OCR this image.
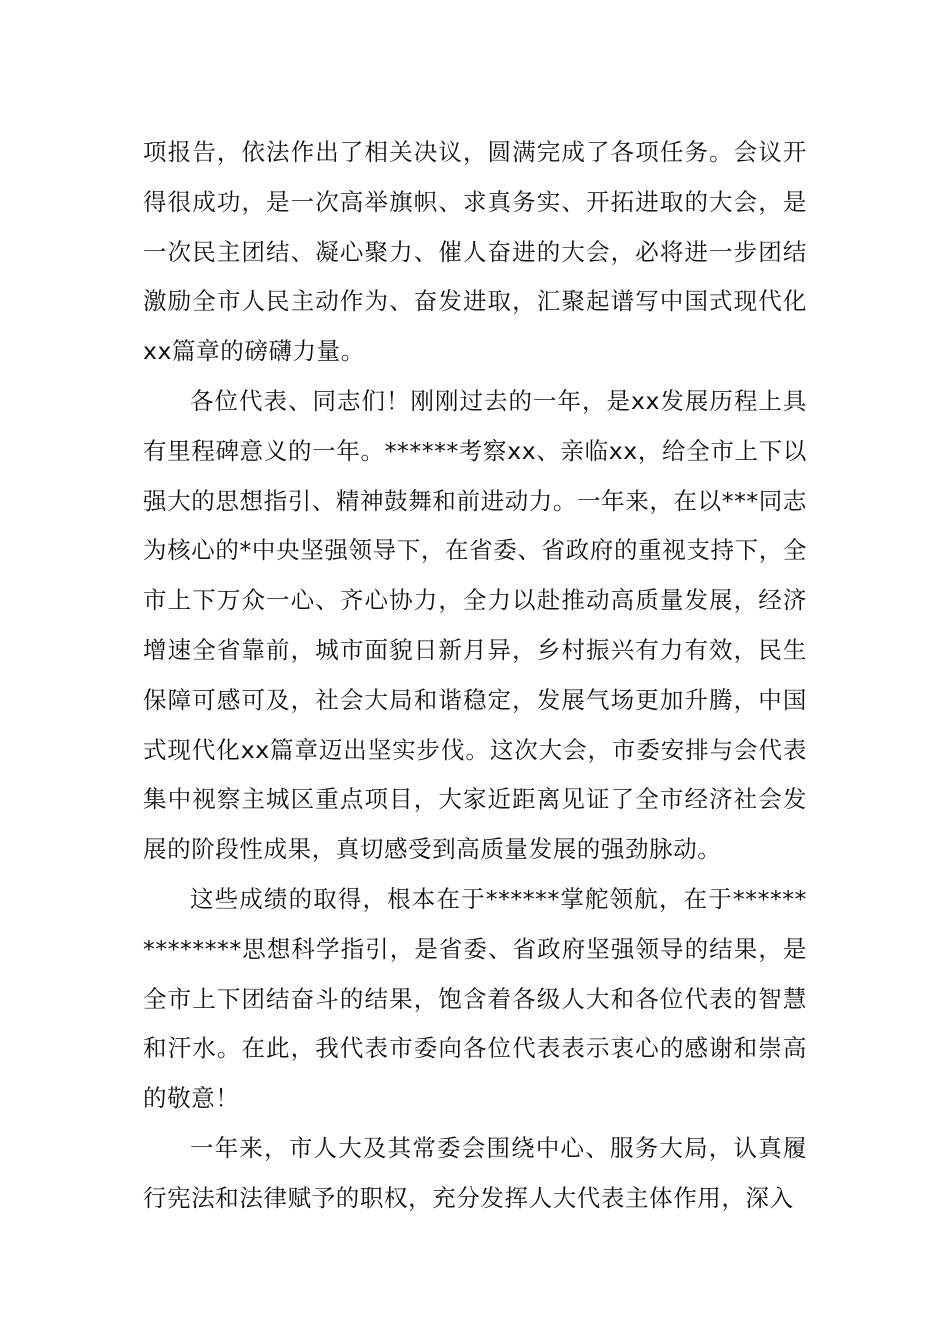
项报告，依法作出了相关决议，圆满完成了各项任务。会议开得很成功，是一次高举旗帜、求真务实、开拓进取的大会，是一次民主团结、凝心聚力、催人奋进的大会，必将进一步团结激励全市人民主动作为、奋发进取，汇聚起谱写中国式现代化xx篇章的磅礴力量。

各位代表、同志们！刚刚过去的一年，是xx发展历程上具有里程碑意义的一年。******考察xx、亲临xx，给全市上下以强大的思想指引、精神鼓舞和前进动力。一年来，在以***同志为核心的*中央坚强领导下，在省委、省政府的重视支持下，全市上下万众一心、齐心协力，全力以赴推动高质量发展，经济增速全省靠前，城市面貌日新月异，乡村振兴有力有效，民生保障可感可及，社会大局和谐稳定，发展气场更加升腾，中国式现代化xx篇章迈出坚实步伐。这次大会，市委安排与会代表集中视察主城区重点项目，大家近距离见证了全市经济社会发展的阶段性成果，真切感受到高质量发展的强劲脉动。

这些成绩的取得，根本在于******掌舵领航，在于**************思想科学指引，是省委、省政府坚强领导的结果，是全市上下团结奋斗的结果，饱含着各级人大和各位代表的智慧和汗水。在此，我代表市委向各位代表表示衷心的感谢和崇高的敬意！

一年来，市人大及其常委会围绕中心、服务大局，认真履行宪法和法律赋予的职权，充分发挥人大代表主体作用，深入
